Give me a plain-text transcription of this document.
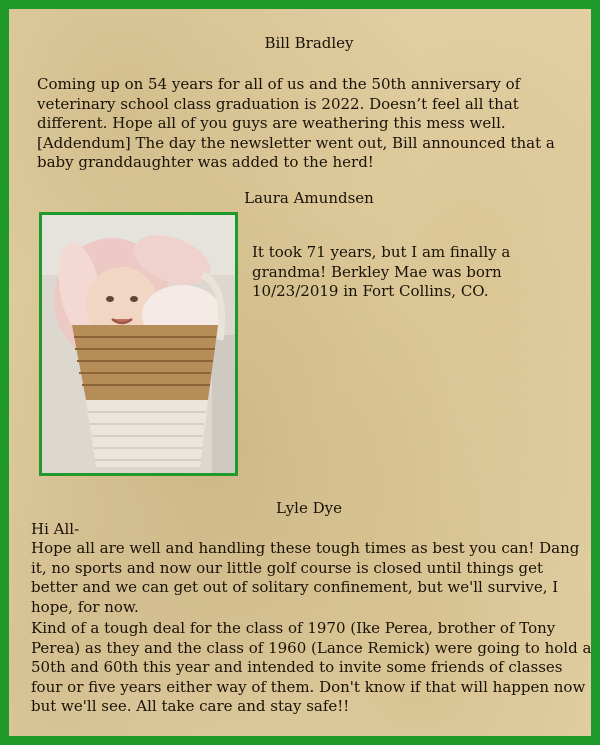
Bill Bradley

Coming up on 54 years for all of us and the 50th anniversary of veterinary school class graduation is 2022. Doesn’t feel all that different. Hope all of you guys are weathering this mess well. [Addendum] The day the newsletter went out, Bill announced that a baby granddaughter was added to the herd!

Laura Amundsen

It took 71 years, but I am finally a grandma! Berkley Mae was born 10/23/2019 in Fort Collins, CO.

Lyle Dye

Hi All-

Hope all are well and handling these tough times as best you can! Dang it, no sports and now our little golf course is closed until things get better and we can get out of solitary confinement, but we'll survive, I hope, for now.

Kind of a tough deal for the class of 1970 (Ike Perea, brother of Tony Perea) as they and the class of 1960 (Lance Remick) were going to hold a 50th and 60th this year and intended to invite some friends of classes four or five years either way of them. Don't know if that will happen now but we'll see. All take care and stay safe!!
